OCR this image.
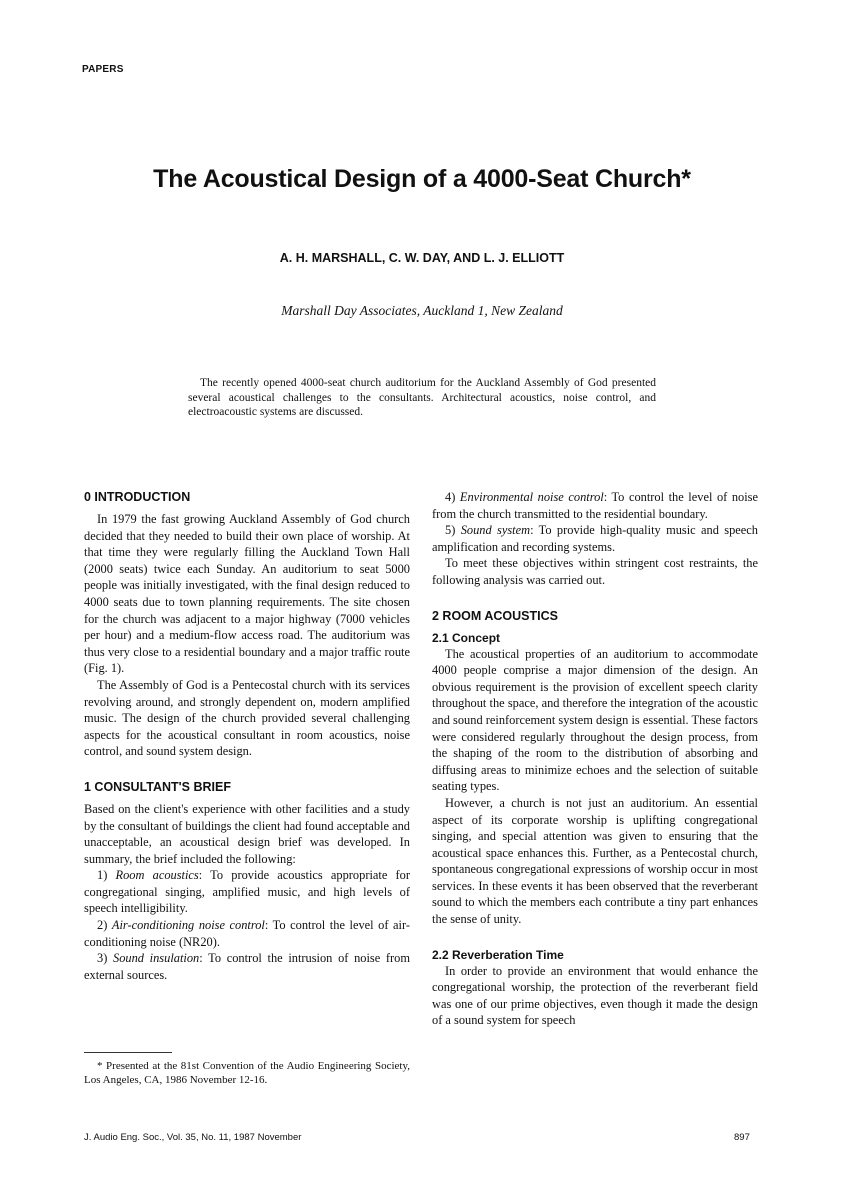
PAPERS
The Acoustical Design of a 4000-Seat Church*
A. H. MARSHALL, C. W. DAY, AND L. J. ELLIOTT
Marshall Day Associates, Auckland 1, New Zealand
The recently opened 4000-seat church auditorium for the Auckland Assembly of God presented several acoustical challenges to the consultants. Architectural acoustics, noise control, and electroacoustic systems are discussed.
0 INTRODUCTION

In 1979 the fast growing Auckland Assembly of God church decided that they needed to build their own place of worship. At that time they were regularly filling the Auckland Town Hall (2000 seats) twice each Sunday. An auditorium to seat 5000 people was initially investigated, with the final design reduced to 4000 seats due to town planning requirements. The site chosen for the church was adjacent to a major highway (7000 vehicles per hour) and a medium-flow access road. The auditorium was thus very close to a residential boundary and a major traffic route (Fig. 1).

The Assembly of God is a Pentecostal church with its services revolving around, and strongly dependent on, modern amplified music. The design of the church provided several challenging aspects for the acoustical consultant in room acoustics, noise control, and sound system design.

1 CONSULTANT'S BRIEF

Based on the client's experience with other facilities and a study by the consultant of buildings the client had found acceptable and unacceptable, an acoustical design brief was developed. In summary, the brief included the following:

1) Room acoustics: To provide acoustics appropriate for congregational singing, amplified music, and high levels of speech intelligibility.

2) Air-conditioning noise control: To control the level of air-conditioning noise (NR20).

3) Sound insulation: To control the intrusion of noise from external sources.

* Presented at the 81st Convention of the Audio Engineering Society, Los Angeles, CA, 1986 November 12-16.

4) Environmental noise control: To control the level of noise from the church transmitted to the residential boundary.

5) Sound system: To provide high-quality music and speech amplification and recording systems.

To meet these objectives within stringent cost restraints, the following analysis was carried out.

2 ROOM ACOUSTICS
2.1 Concept

The acoustical properties of an auditorium to accommodate 4000 people comprise a major dimension of the design. An obvious requirement is the provision of excellent speech clarity throughout the space, and therefore the integration of the acoustic and sound reinforcement system design is essential. These factors were considered regularly throughout the design process, from the shaping of the room to the distribution of absorbing and diffusing areas to minimize echoes and the selection of suitable seating types.

However, a church is not just an auditorium. An essential aspect of its corporate worship is uplifting congregational singing, and special attention was given to ensuring that the acoustical space enhances this. Further, as a Pentecostal church, spontaneous congregational expressions of worship occur in most services. In these events it has been observed that the reverberant sound to which the members each contribute a tiny part enhances the sense of unity.

2.2 Reverberation Time

In order to provide an environment that would enhance the congregational worship, the protection of the reverberant field was one of our prime objectives, even though it made the design of a sound system for speech

J. Audio Eng. Soc., Vol. 35, No. 11, 1987 November	897
